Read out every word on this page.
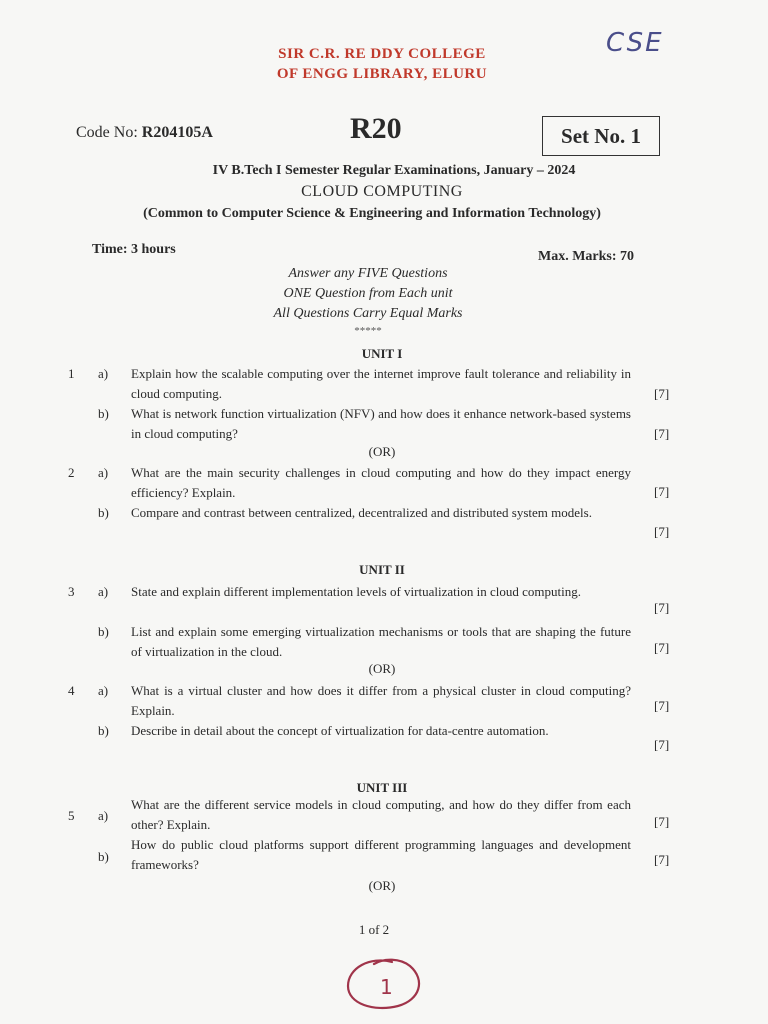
SIR C.R. RE DDY COLLEGE
OF ENGG LIBRARY, ELURU
CSE
Code No: R204105A	R20	Set No. 1
IV B.Tech I Semester Regular Examinations, January – 2024
CLOUD COMPUTING
(Common to Computer Science & Engineering and Information Technology)
Time: 3 hours	Max. Marks: 70
Answer any FIVE Questions
ONE Question from Each unit
All Questions Carry Equal Marks
*****
UNIT I
1 a) Explain how the scalable computing over the internet improve fault tolerance and reliability in cloud computing.	[7]
b) What is network function virtualization (NFV) and how does it enhance network-based systems in cloud computing?	[7]
(OR)
2 a) What are the main security challenges in cloud computing and how do they impact energy efficiency? Explain.	[7]
b) Compare and contrast between centralized, decentralized and distributed system models.
[7]
UNIT II
3 a) State and explain different implementation levels of virtualization in cloud computing.
[7]
b) List and explain some emerging virtualization mechanisms or tools that are shaping the future of virtualization in the cloud.	[7]
(OR)
4 a) What is a virtual cluster and how does it differ from a physical cluster in cloud computing? Explain.	[7]
b) Describe in detail about the concept of virtualization for data-centre automation.
[7]
UNIT III
5 a)
What are the different service models in cloud computing, and how do they differ from each other? Explain.	[7]
b)
How do public cloud platforms support different programming languages and development frameworks?	[7]
(OR)
1 of 2
1
